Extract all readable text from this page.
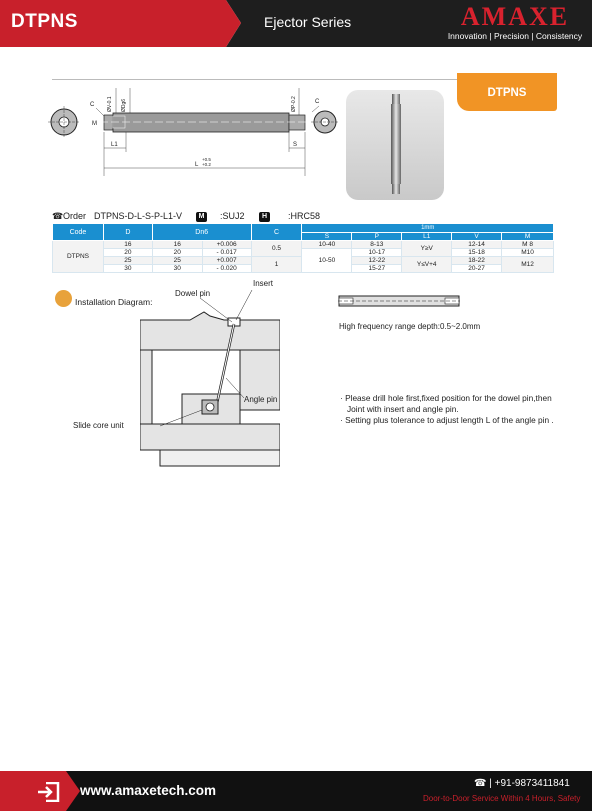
DTPNS	Ejector Series	AMAXE
Innovation | Precision | Consistency
DTPNS
C	C
M
ØV-0.1 ØDg6	ØP-0.2
L1
L
+0.5
+0.2
S
☎ Order DTPNS-D-L-S-P-L1-V	M :SUJ2	H	:HRC58
Code	D	Dn6		C	1mm				
					S	P	L1	V	M
DTPNS	16	16	+0.006	0.5	10-40	8-13	Y≥V	12-14	M 8
	20	20	- 0.017		10-50	10-17		15-18	M10
	25	25	+0.007	1		12-22	Y≤V+4	18-22	M12
	30	30	- 0.020			15-27		20-27	
Installation Diagram:
Dowel pin
Insert
Angle pin
Slide core unit
High frequency range depth:0.5~2.0mm
· Please drill hole first,fixed position for the dowel pin,then Joint with insert and angle pin.
· Setting plus tolerance to adjust length L of the angle pin .
www.amaxetech.com	☎ | +91-9873411841
Door-to-Door Service Within 4 Hours, Safety
